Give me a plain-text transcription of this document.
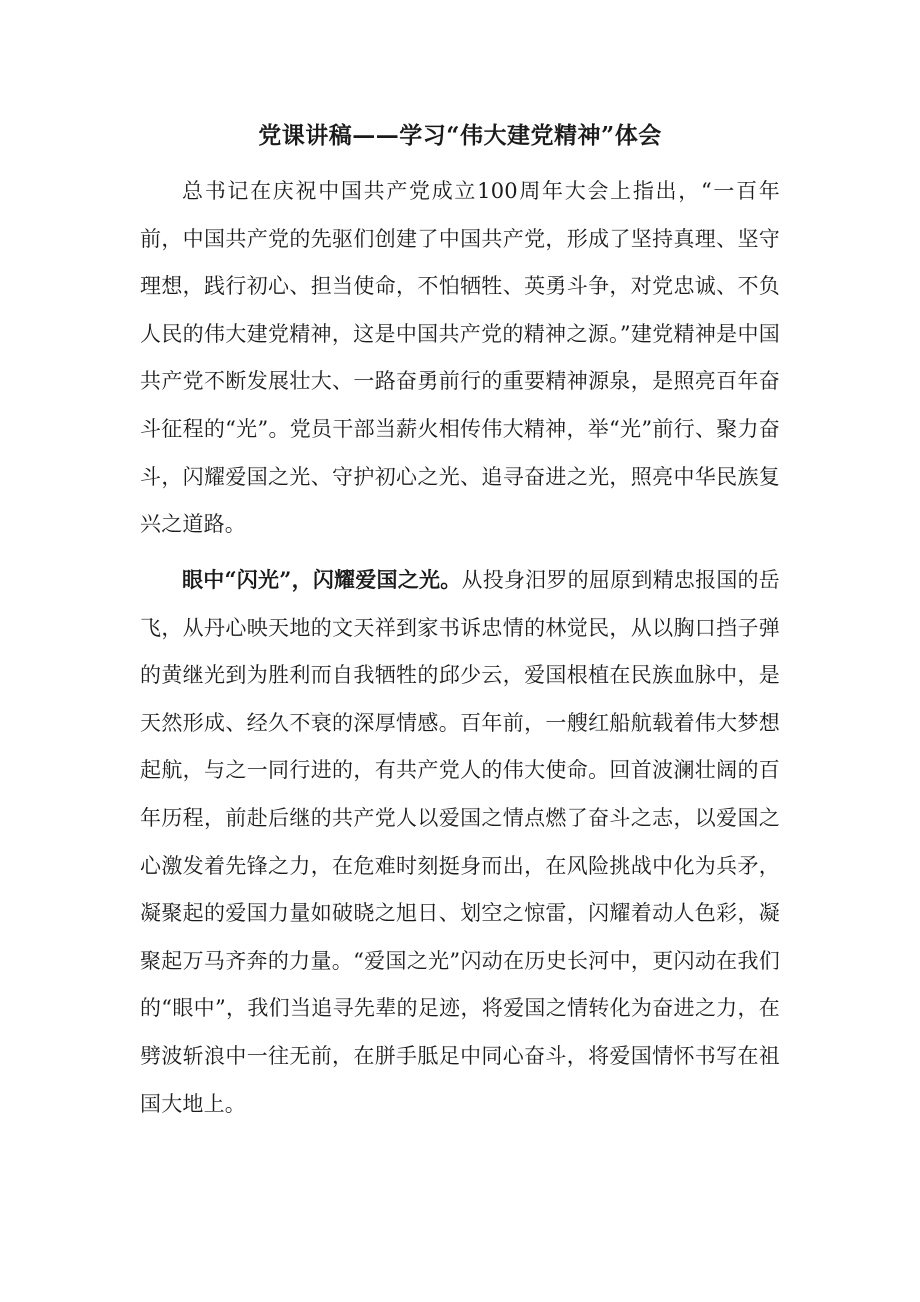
党课讲稿——学习“伟大建党精神”体会

总书记在庆祝中国共产党成立100周年大会上指出，“一百年前，中国共产党的先驱们创建了中国共产党，形成了坚持真理、坚守理想，践行初心、担当使命，不怕牺牲、英勇斗争，对党忠诚、不负人民的伟大建党精神，这是中国共产党的精神之源。”建党精神是中国共产党不断发展壮大、一路奋勇前行的重要精神源泉，是照亮百年奋斗征程的“光”。党员干部当薪火相传伟大精神，举“光”前行、聚力奋斗，闪耀爱国之光、守护初心之光、追寻奋进之光，照亮中华民族复兴之道路。

眼中“闪光”，闪耀爱国之光。从投身汨罗的屈原到精忠报国的岳飞，从丹心映天地的文天祥到家书诉忠情的林觉民，从以胸口挡子弹的黄继光到为胜利而自我牺牲的邱少云，爱国根植在民族血脉中，是天然形成、经久不衰的深厚情感。百年前，一艘红船航载着伟大梦想起航，与之一同行进的，有共产党人的伟大使命。回首波澜壮阔的百年历程，前赴后继的共产党人以爱国之情点燃了奋斗之志，以爱国之心激发着先锋之力，在危难时刻挺身而出，在风险挑战中化为兵矛，凝聚起的爱国力量如破晓之旭日、划空之惊雷，闪耀着动人色彩，凝聚起万马齐奔的力量。“爱国之光”闪动在历史长河中，更闪动在我们的“眼中”，我们当追寻先辈的足迹，将爱国之情转化为奋进之力，在劈波斩浪中一往无前，在胼手胝足中同心奋斗，将爱国情怀书写在祖国大地上。
